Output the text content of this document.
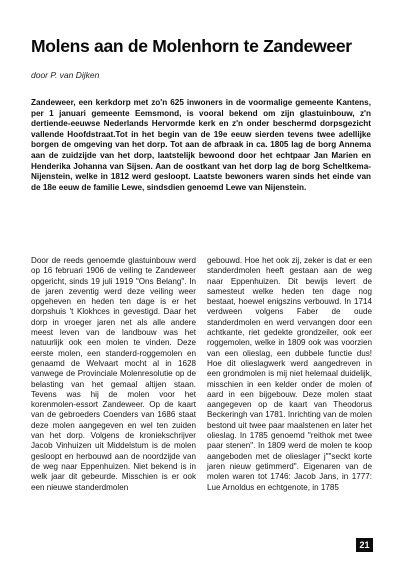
Molens aan de Molenhorn te Zandeweer

door P. van Dijken

Zandeweer, een kerkdorp met zo'n 625 inwoners in de voormalige gemeente Kantens, per 1 januari gemeente Eemsmond, is vooral bekend om zijn glastuinbouw, z'n dertiende-eeuwse Nederlands Hervormde kerk en z'n onder beschermd dorpsgezicht vallende Hoofdstraat.Tot in het begin van de 19e eeuw sierden tevens twee adellijke borgen de omgeving van het dorp. Tot aan de afbraak in ca. 1805 lag de borg Annema aan de zuidzijde van het dorp, laatstelijk bewoond door het echtpaar Jan Marien en Henderika Johanna van Sijsen. Aan de oostkant van het dorp lag de borg Scheltkema-Nijenstein, welke in 1812 werd gesloopt. Laatste bewoners waren sinds het einde van de 18e eeuw de familie Lewe, sindsdien genoemd Lewe van Nijenstein.

Door de reeds genoemde glastuinbouw werd op 16 februari 1906 de veiling te Zandeweer opgericht, sinds 19 juli 1919 "Ons Belang". In de jaren zeventig werd deze veiling weer opgeheven en heden ten dage is er het dorpshuis 't Klokhces in gevestigd. Daar het dorp in vroeger jaren net als alle andere meest leven van de landbouw was het natuurlijk ook een molen te vinden. Deze eerste molen, een standerd-roggemolen en genaamd de Welvaart mocht al in 1628 vanwege de Provinciale Molenresolutie op de belasting van het gemaal altijen staan. Tevens was hij de molen voor het korenmolen-essort Zandeweer. Op de kaart van de gebroeders Coenders van 1686 staat deze molen aangegeven en wel ten zuiden van het dorp. Volgens de kroniekschrijver Jacob Vinhuizen uit Middelstum is de molen gesloopt en herbouwd aan de noordzijde van de weg naar Eppenhuizen. Niet bekend is in welk jaar dit gebeurde. Misschien is er ook een nieuwe standerdmolen

gebouwd. Hoe het ook zij, zeker is dat er een standerdmolen heeft gestaan aan de weg naar Eppenhuizen. Dit bewijs levert de samesteut welke heden ten dage nog bestaat, hoewel enigszins verbouwd. In 1714 verdween volgens Faber de oude standerdmolen en werd vervangen door een achtkante, riet gedekte grondzeiler, ook eer roggemolen, welke in 1809 ook was voorzien van een olieslag, een dubbele functie dus! Hoe dit olieslagwerk werd aangedreven in een grondmolen is mij niet helemaal duidelijk, misschien in een kelder onder de molen of aard in een bijgebouw. Deze molen staat aangegeven op de kaart van Theodorus Beckeringh van 1781. Inrichting van de molen bestond uit twee paar maalstenen en later het olieslag. In 1785 genoemd "reithok met twee paar stenen". In 1809 werd de molen te koop aangeboden met de olieslager j""seckt korte jaren nieuw getimmerd". Eigenaren van de molen waren tot 1746: Jacob Jans, in 1777: Lue Arnoldus en echtgenote, in 1785

21
